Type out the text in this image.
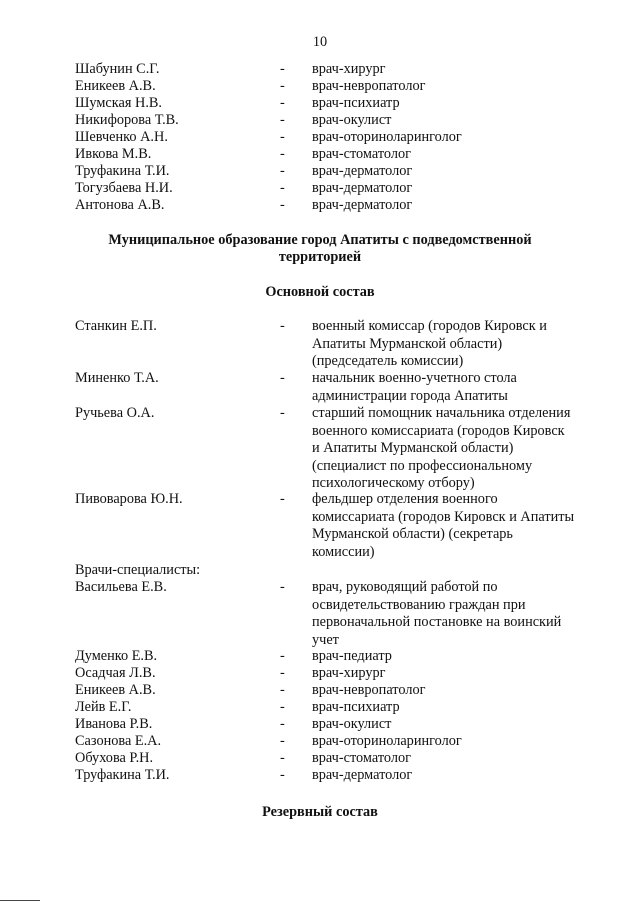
10
Шабунин С.Г.	- врач-хирург
Еникеев А.В.	- врач-невропатолог
Шумская Н.В.	- врач-психиатр
Никифорова Т.В.	- врач-окулист
Шевченко А.Н.	- врач-оториноларинголог
Ивкова М.В.	- врач-стоматолог
Труфакина Т.И.	- врач-дерматолог
Тогузбаева Н.И.	- врач-дерматолог
Антонова А.В.	- врач-дерматолог
Муниципальное образование город Апатиты с подведомственной
территорией
Основной состав
Станкин Е.П.	- военный комиссар (городов Кировск и
Апатиты Мурманской области)
(председатель комиссии)
Миненко Т.А.	- начальник военно-учетного стола
администрации города Апатиты
Ручьева О.А.	- старший помощник начальника отделения
военного комиссариата (городов Кировск
и Апатиты Мурманской области)
(специалист по профессиональному
психологическому отбору)
Пивоварова Ю.Н.	- фельдшер отделения военного
комиссариата (городов Кировск и Апатиты
Мурманской области) (секретарь
комиссии)
Врачи-специалисты:
Васильева Е.В.	- врач, руководящий работой по
освидетельствованию граждан при
первоначальной постановке на воинский
учет
Думенко Е.В.	- врач-педиатр
Осадчая Л.В.	- врач-хирург
Еникеев А.В.	- врач-невропатолог
Лейв Е.Г.	- врач-психиатр
Иванова Р.В.	- врач-окулист
Сазонова Е.А.	- врач-оториноларинголог
Обухова Р.Н.	- врач-стоматолог
Труфакина Т.И.	- врач-дерматолог
Резервный состав
